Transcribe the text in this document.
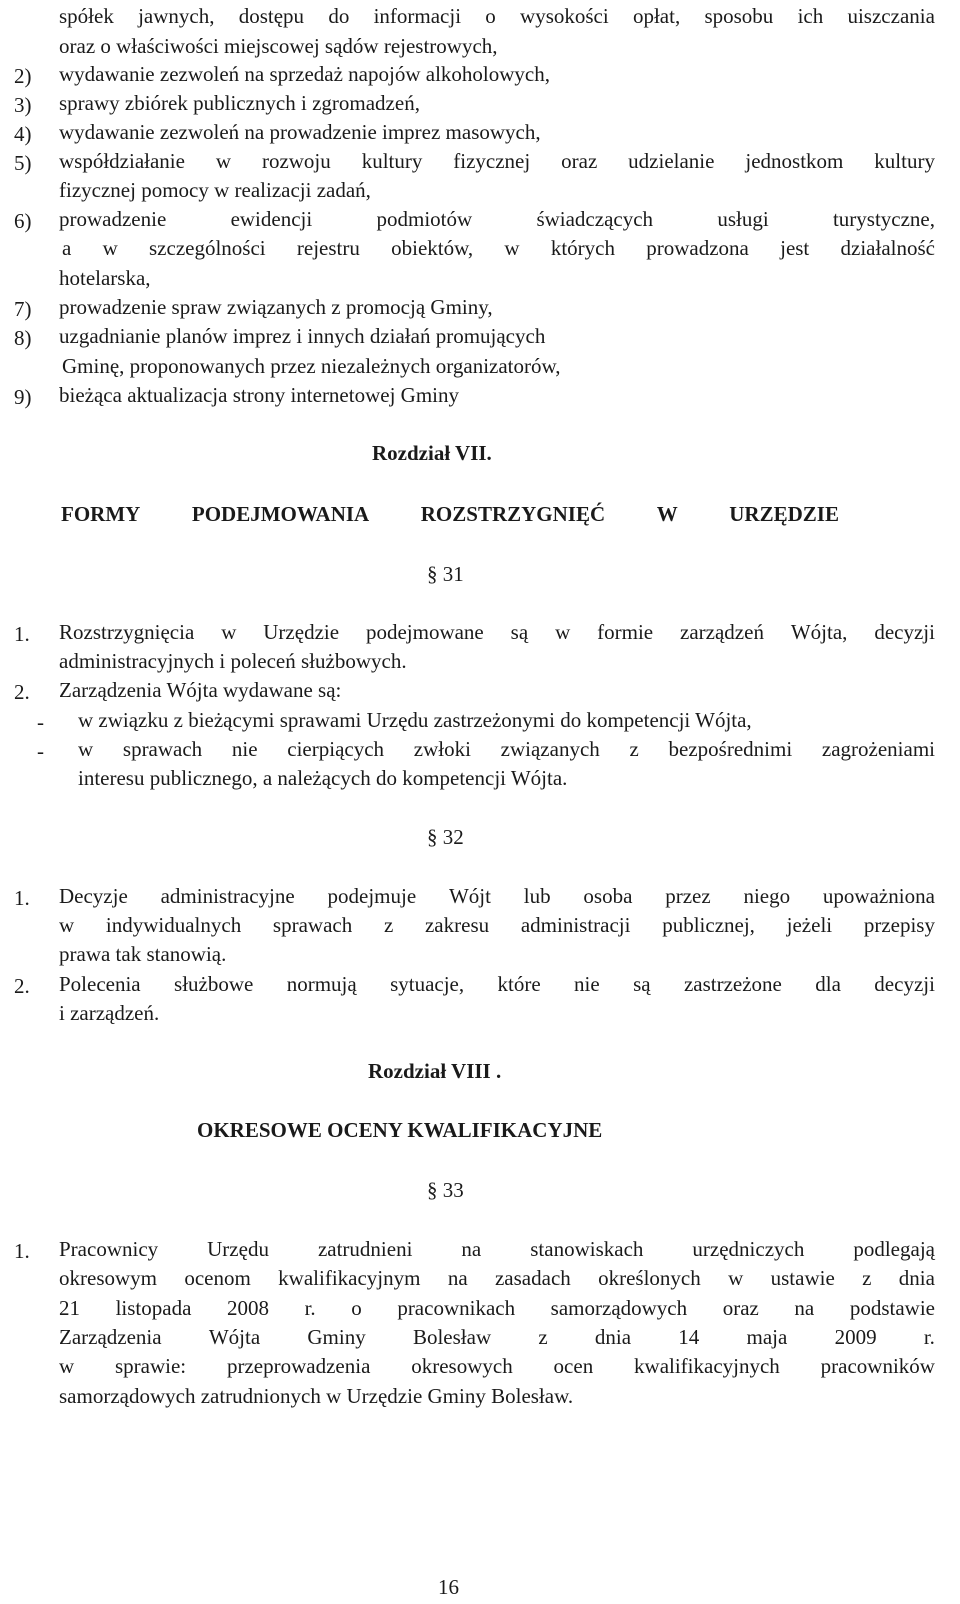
spółek jawnych, dostępu do informacji o wysokości opłat, sposobu ich uiszczania
oraz o właściwości miejscowej sądów rejestrowych,
2) wydawanie zezwoleń na sprzedaż napojów alkoholowych,
3) sprawy zbiórek publicznych i zgromadzeń,
4) wydawanie zezwoleń na prowadzenie imprez masowych,
5) współdziałanie w rozwoju kultury fizycznej oraz udzielanie jednostkom kultury
fizycznej pomocy w realizacji zadań,
6) prowadzenie	ewidencji	podmiotów	świadczących	usługi	turystyczne,
a w szczególności rejestru obiektów, w których prowadzona jest działalność
hotelarska,
7) prowadzenie spraw związanych z promocją Gminy,
8) uzgadnianie planów imprez i innych działań promujących
Gminę, proponowanych przez niezależnych organizatorów,
9) bieżąca aktualizacja strony internetowej Gminy
Rozdział VII.
FORMY PODEJMOWANIA ROZSTRZYGNIĘĆ W URZĘDZIE
§ 31
1. Rozstrzygnięcia w Urzędzie podejmowane są w formie zarządzeń Wójta, decyzji
administracyjnych i poleceń służbowych.
2. Zarządzenia Wójta wydawane są:
- w związku z bieżącymi sprawami Urzędu zastrzeżonymi do kompetencji Wójta,
- w sprawach nie cierpiących zwłoki związanych z bezpośrednimi zagrożeniami
interesu publicznego, a należących do kompetencji Wójta.
§ 32
1. Decyzje administracyjne podejmuje Wójt lub osoba przez niego upoważniona
w indywidualnych sprawach z zakresu administracji publicznej, jeżeli przepisy
prawa tak stanowią.
2. Polecenia służbowe normują sytuacje, które nie są zastrzeżone dla decyzji
i zarządzeń.
Rozdział VIII .
OKRESOWE OCENY KWALIFIKACYJNE
§ 33
1. Pracownicy Urzędu zatrudnieni na stanowiskach urzędniczych podlegają
okresowym ocenom kwalifikacyjnym na zasadach określonych w ustawie z dnia
21 listopada 2008 r. o pracownikach samorządowych oraz na podstawie
Zarządzenia Wójta Gminy Bolesław z dnia 14 maja 2009 r.
w sprawie: przeprowadzenia okresowych ocen kwalifikacyjnych pracowników
samorządowych zatrudnionych w Urzędzie Gminy Bolesław.
16
